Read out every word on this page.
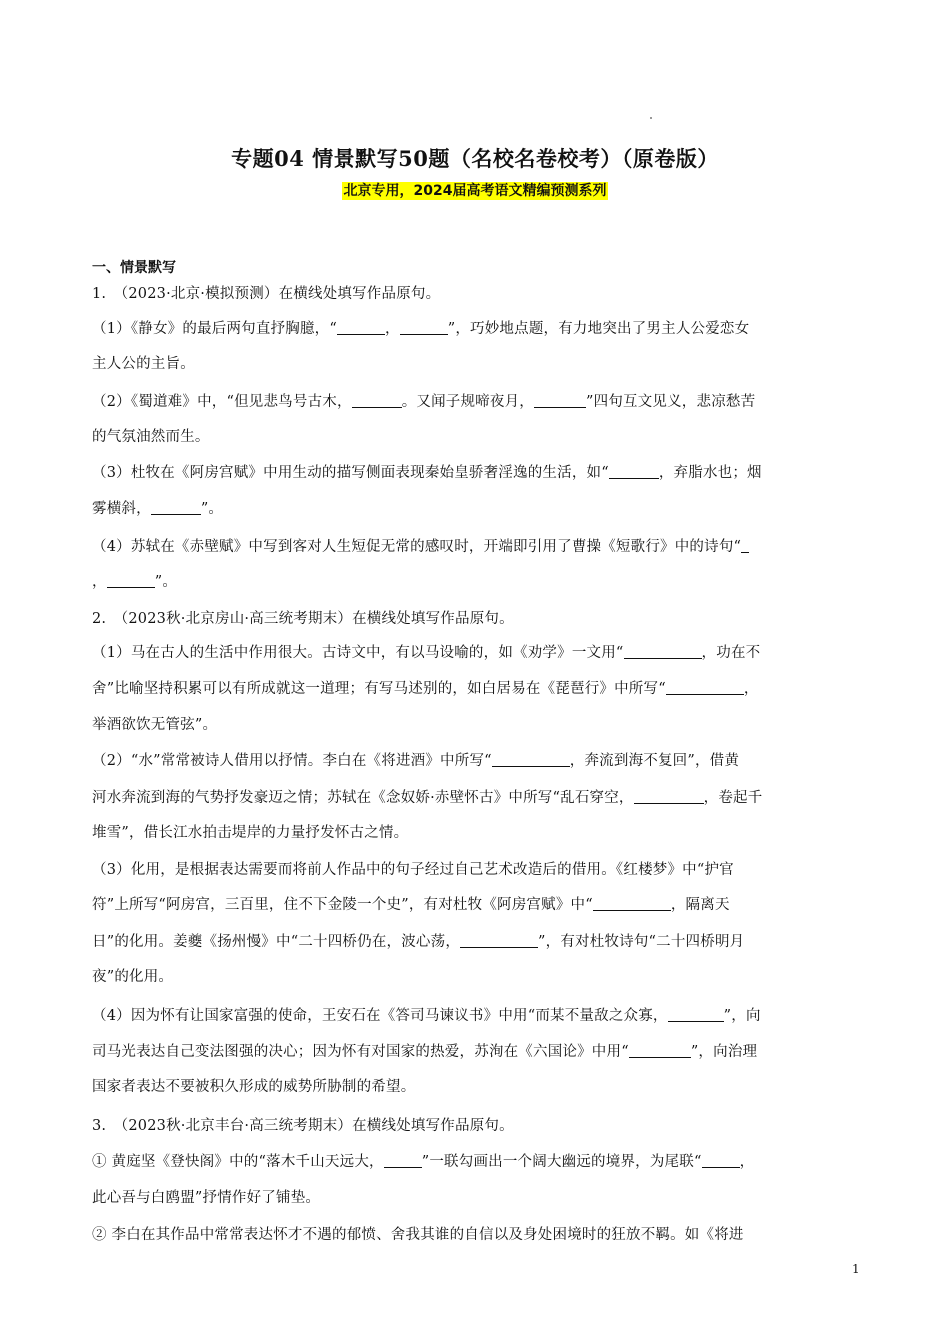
专题04 情景默写50题（名校名卷校考）（原卷版）
北京专用，2024届高考语文精编预测系列
一、情景默写
1.　（2023·北京·模拟预测）在横线处填写作品原句。
（1）《静女》的最后两句直抒胸臆，“	，	”，巧妙地点题，有力地突出了男主人公爱恋女
主人公的主旨。
（2）《蜀道难》中，“但见悲鸟号古木，	。又闻子规啼夜月，	”四句互文见义，悲凉愁苦
的气氛油然而生。
（3）杜牧在《阿房宫赋》中用生动的描写侧面表现秦始皇骄奢淫逸的生活，如“	，弃脂水也；烟
雾横斜，	”。
（4）苏轼在《赤壁赋》中写到客对人生短促无常的感叹时，开端即引用了曹操《短歌行》中的诗句“
，	”。
2.　（2023秋·北京房山·高三统考期末）在横线处填写作品原句。
（1）马在古人的生活中作用很大。古诗文中，有以马设喻的，如《劝学》一文用“	，功在不
舍”比喻坚持积累可以有所成就这一道理；有写马述别的，如白居易在《琵琶行》中所写“	，
举酒欲饮无管弦”。
（2）“水”常常被诗人借用以抒情。李白在《将进酒》中所写“	，奔流到海不复回”，借黄
河水奔流到海的气势抒发豪迈之情；苏轼在《念奴娇·赤壁怀古》中所写“乱石穿空，	，卷起千
堆雪”，借长江水拍击堤岸的力量抒发怀古之情。
（3）化用，是根据表达需要而将前人作品中的句子经过自己艺术改造后的借用。《红楼梦》中“护官
符”上所写“阿房宫，三百里，住不下金陵一个史”，有对杜牧《阿房宫赋》中“	，隔离天
日”的化用。姜夔《扬州慢》中“二十四桥仍在，波心荡，	”，有对杜牧诗句“二十四桥明月
夜”的化用。
（4）因为怀有让国家富强的使命，王安石在《答司马谏议书》中用“而某不量敌之众寡，	”，向
司马光表达自己变法图强的决心；因为怀有对国家的热爱，苏洵在《六国论》中用“	”，向治理
国家者表达不要被积久形成的威势所胁制的希望。
3.　（2023秋·北京丰台·高三统考期末）在横线处填写作品原句。
① 黄庭坚《登快阁》中的“落木千山天远大，	”一联勾画出一个阔大幽远的境界，为尾联“	，
此心吾与白鸥盟”抒情作好了铺垫。
② 李白在其作品中常常表达怀才不遇的郁愤、舍我其谁的自信以及身处困境时的狂放不羁。如《将进
1
